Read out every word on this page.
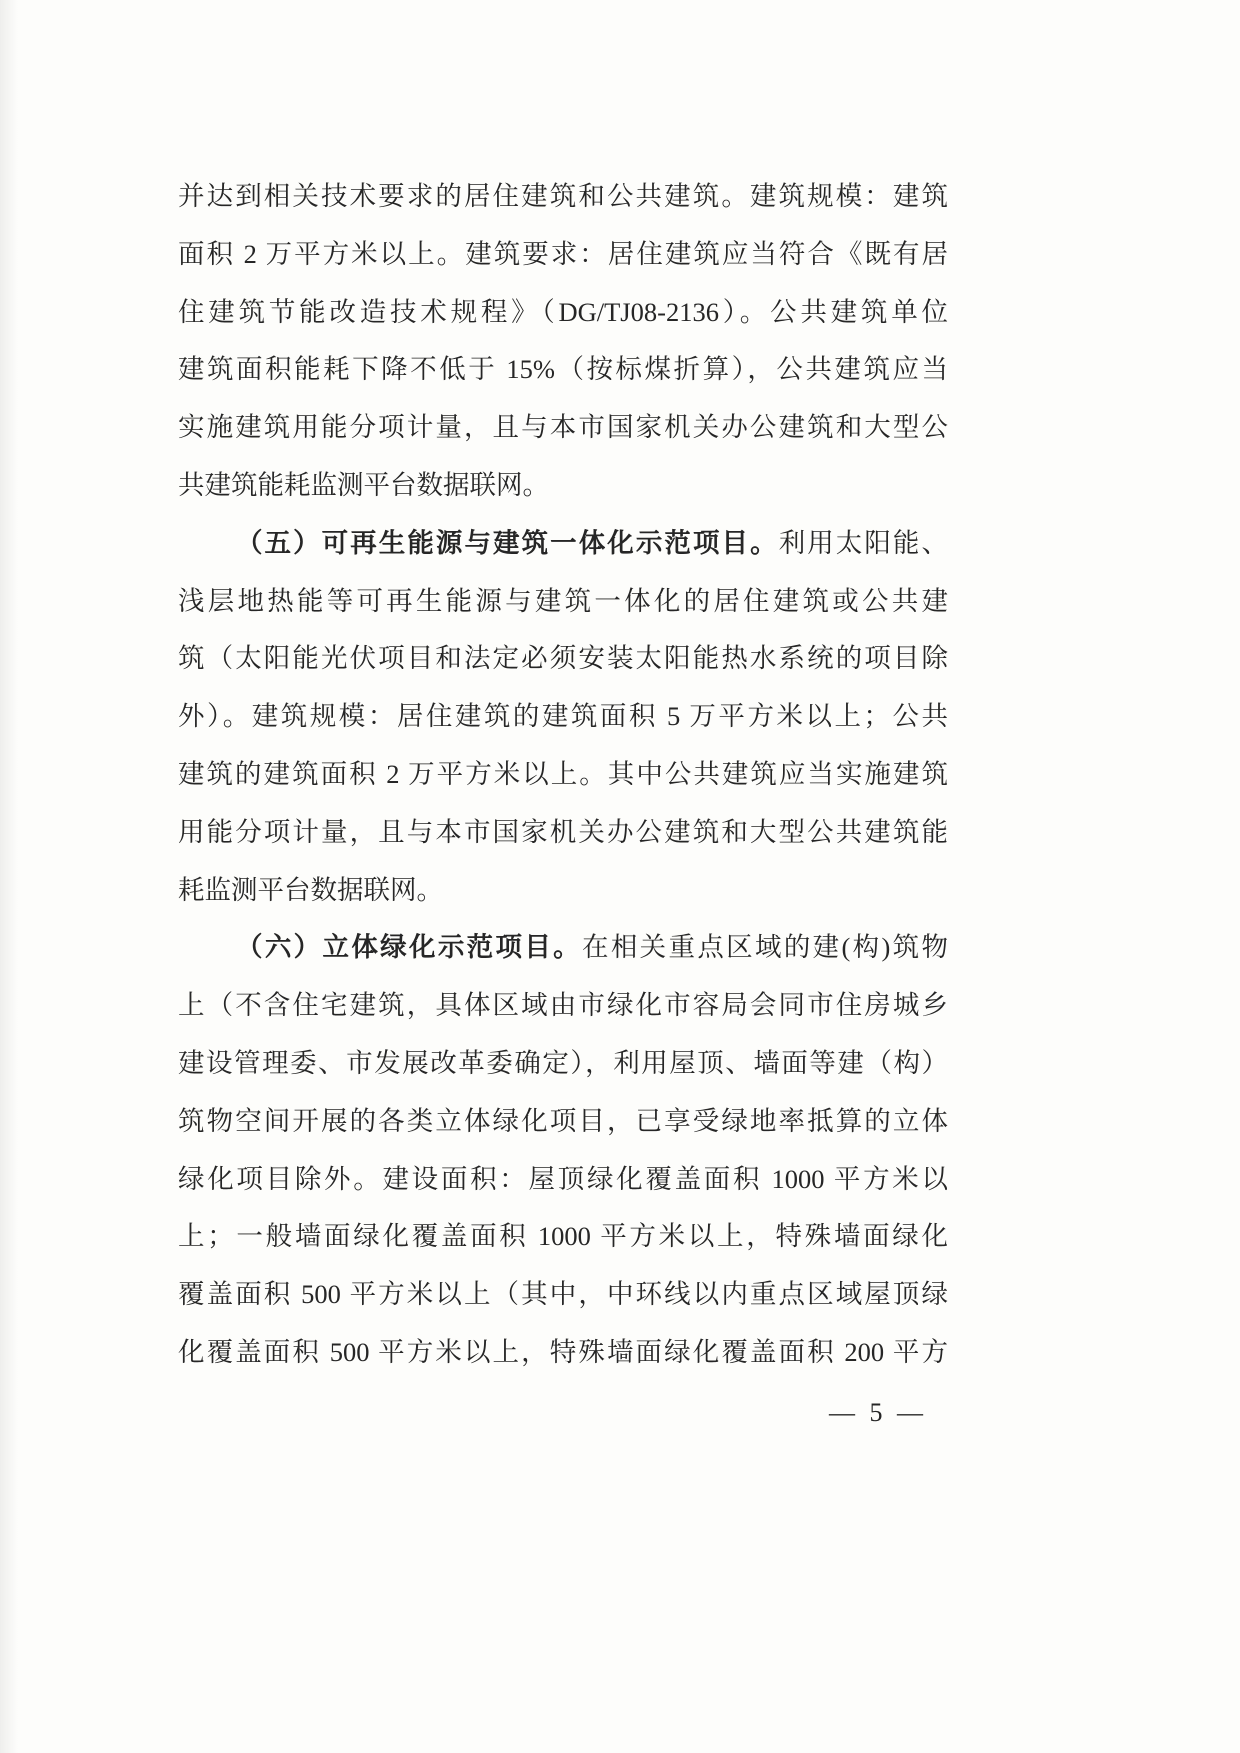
并达到相关技术要求的居住建筑和公共建筑。建筑规模：建筑
面积 2 万平方米以上。建筑要求：居住建筑应当符合《既有居
住建筑节能改造技术规程》（DG/TJ08-2136）。公共建筑单位
建筑面积能耗下降不低于 15%（按标煤折算），公共建筑应当
实施建筑用能分项计量，且与本市国家机关办公建筑和大型公
共建筑能耗监测平台数据联网。
（五）可再生能源与建筑一体化示范项目。利用太阳能、
浅层地热能等可再生能源与建筑一体化的居住建筑或公共建
筑（太阳能光伏项目和法定必须安装太阳能热水系统的项目除
外）。建筑规模：居住建筑的建筑面积 5 万平方米以上；公共
建筑的建筑面积 2 万平方米以上。其中公共建筑应当实施建筑
用能分项计量，且与本市国家机关办公建筑和大型公共建筑能
耗监测平台数据联网。
（六）立体绿化示范项目。在相关重点区域的建(构)筑物
上（不含住宅建筑，具体区域由市绿化市容局会同市住房城乡
建设管理委、市发展改革委确定），利用屋顶、墙面等建（构）
筑物空间开展的各类立体绿化项目，已享受绿地率抵算的立体
绿化项目除外。建设面积：屋顶绿化覆盖面积 1000 平方米以
上；一般墙面绿化覆盖面积 1000 平方米以上，特殊墙面绿化
覆盖面积 500 平方米以上（其中，中环线以内重点区域屋顶绿
化覆盖面积 500 平方米以上，特殊墙面绿化覆盖面积 200 平方
— 5 —
